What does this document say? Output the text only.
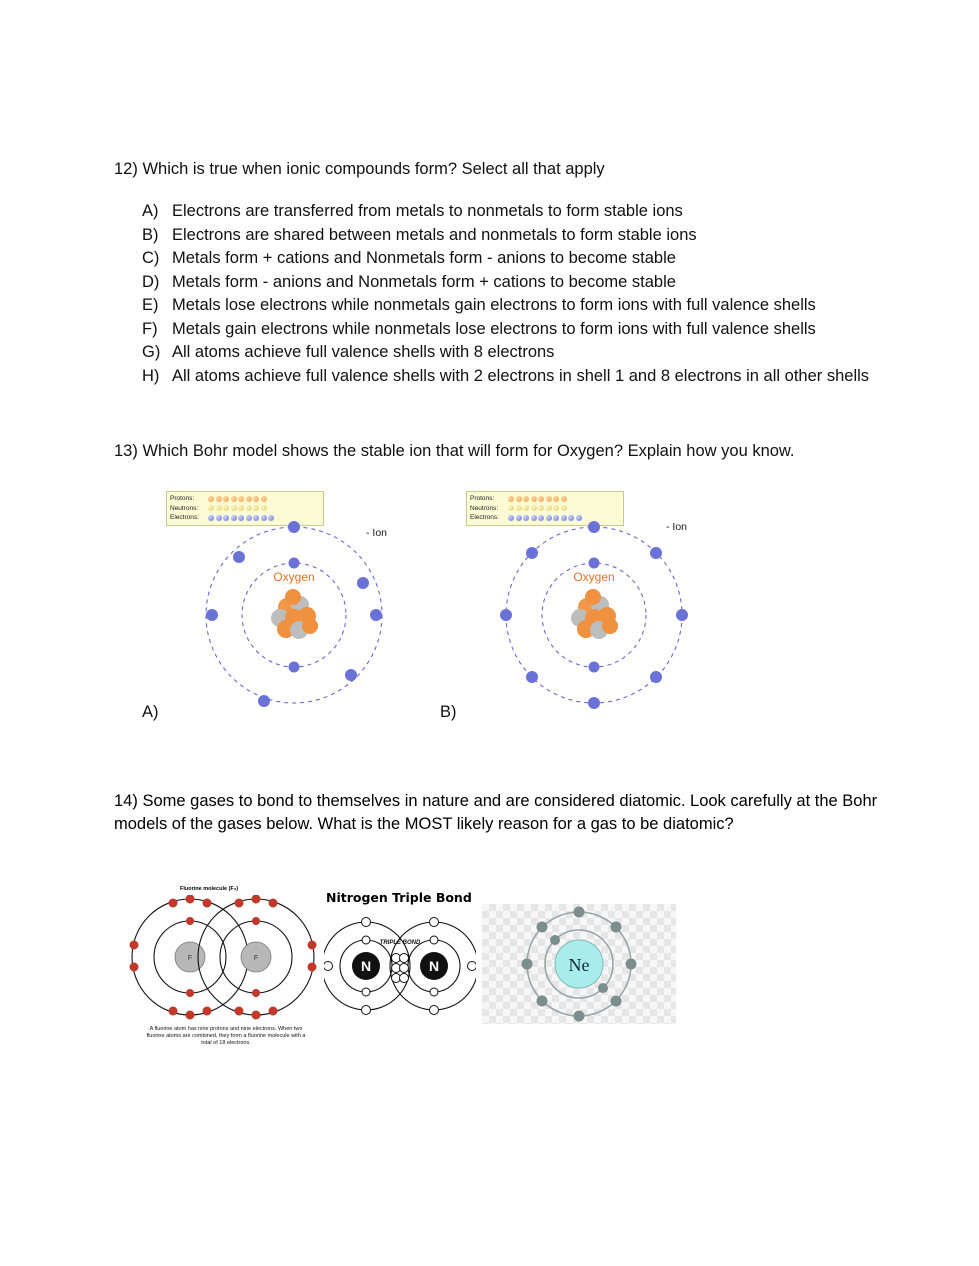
12) Which is true when ionic compounds form? Select all that apply
A) Electrons are transferred from metals to nonmetals to form stable ions
B) Electrons are shared between metals and nonmetals to form stable ions
C) Metals form + cations and Nonmetals form - anions to become stable
D) Metals form - anions and Nonmetals form + cations to become stable
E) Metals lose electrons while nonmetals gain electrons to form ions with full valence shells
F) Metals gain electrons while nonmetals lose electrons to form ions with full valence shells
G) All atoms achieve full valence shells with 8 electrons
H) All atoms achieve full valence shells with 2 electrons in shell 1 and 8 electrons in all other shells
13) Which Bohr model shows the stable ion that will form for Oxygen? Explain how you know.
Protons:
Neutrons:
Electrons:
Oxygen
- Ion
Protons:
Neutrons:
Electrons:
Oxygen
- Ion
A)	B)
14) Some gases to bond to themselves in nature and are considered diatomic. Look carefully at the Bohr models of the gases below. What is the MOST likely reason for a gas to be diatomic?
Fluorine molecule (F₂)
F	F
A fluorine atom has nine protons and nine electrons. When two fluorine atoms are combined, they form a fluorine molecule with a total of 18 electrons.
Nitrogen Triple Bond
N	N
TRIPLE BOND
Ne
